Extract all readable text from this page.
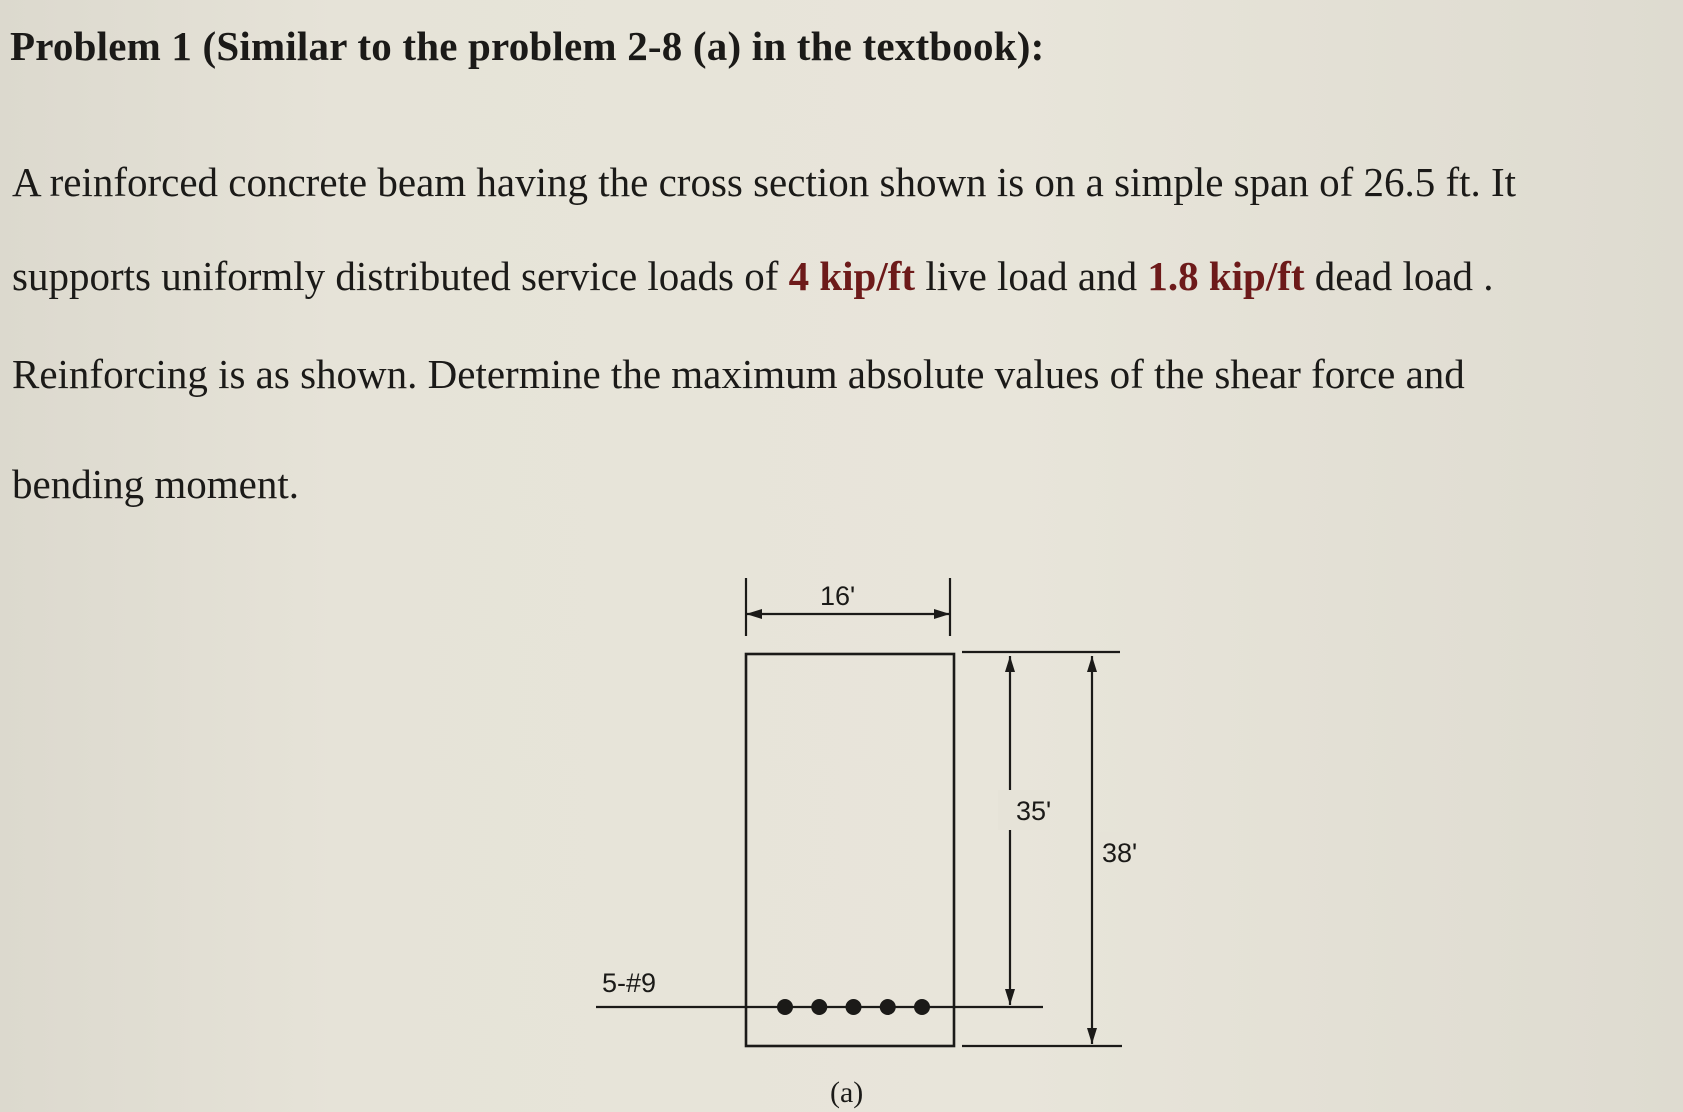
Problem 1 (Similar to the problem 2-8 (a) in the textbook):
A reinforced concrete beam having the cross section shown is on a simple span of 26.5 ft. It
supports uniformly distributed service loads of 4 kip/ft live load and 1.8 kip/ft dead load .
Reinforcing is as shown. Determine the maximum absolute values of the shear force and
bending moment.
16'
35'
38'
5-#9
(a)
